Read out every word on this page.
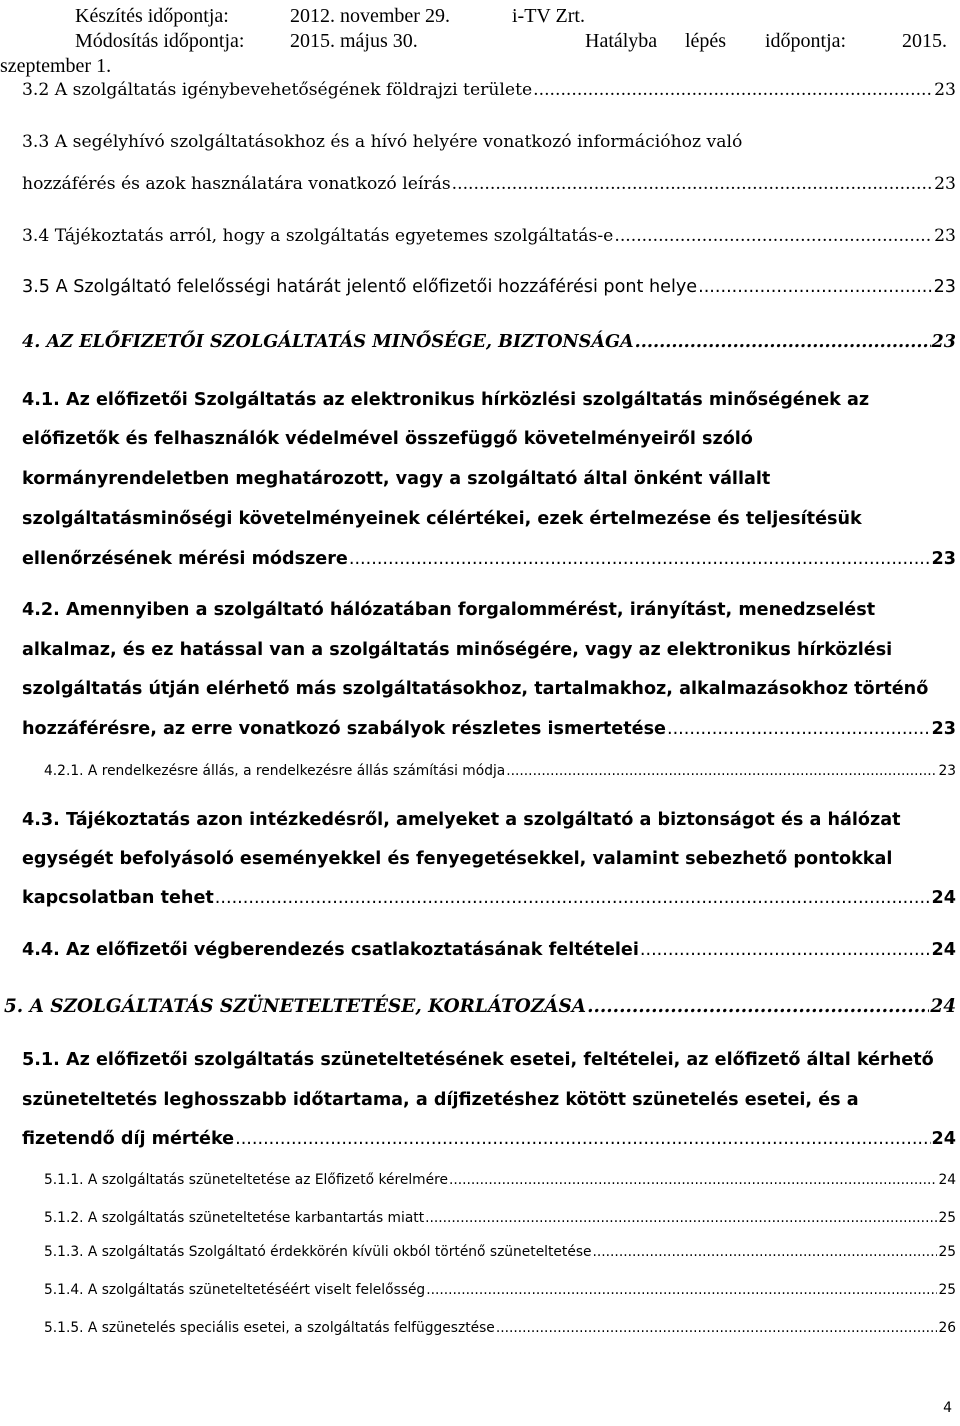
Készítés időpontja:	2012. november 29.	i-TV Zrt.
Módosítás időpontja: 2015. május 30.	Hatályba lépés időpontja:	2015.
szeptember 1.
3.2 A szolgáltatás igénybevehetőségének földrajzi területe .....	23
3.3 A segélyhívó szolgáltatásokhoz és a hívó helyére vonatkozó információhoz való
hozzáférés és azok használatára vonatkozó leírás .....	23
3.4 Tájékoztatás arról, hogy a szolgáltatás egyetemes szolgáltatás-e .....	23
3.5 A Szolgáltató felelősségi határát jelentő előfizetői hozzáférési pont helye .....	23
4. AZ ELŐFIZETŐI SZOLGÁLTATÁS MINŐSÉGE, BIZTONSÁGA .....	23
4.1. Az előfizetői Szolgáltatás az elektronikus hírközlési szolgáltatás minőségének az
előfizetők és felhasználók védelmével összefüggő követelményeiről szóló
kormányrendeletben meghatározott, vagy a szolgáltató által önként vállalt
szolgáltatásminőségi követelményeinek célértékei, ezek értelmezése és teljesítésük
ellenőrzésének mérési módszere .....	23
4.2. Amennyiben a szolgáltató hálózatában forgalommérést, irányítást, menedzselést
alkalmaz, és ez hatással van a szolgáltatás minőségére, vagy az elektronikus hírközlési
szolgáltatás útján elérhető más szolgáltatásokhoz, tartalmakhoz, alkalmazásokhoz történő
hozzáférésre, az erre vonatkozó szabályok részletes ismertetése .....	23
4.2.1. A rendelkezésre állás, a rendelkezésre állás számítási módja .....	23
4.3. Tájékoztatás azon intézkedésről, amelyeket a szolgáltató a biztonságot és a hálózat
egységét befolyásoló eseményekkel és fenyegetésekkel, valamint sebezhető pontokkal
kapcsolatban tehet .....	24
4.4. Az előfizetői végberendezés csatlakoztatásának feltételei .....	24
5. A SZOLGÁLTATÁS SZÜNETELTETÉSE, KORLÁTOZÁSA .....	24
5.1. Az előfizetői szolgáltatás szüneteltetésének esetei, feltételei, az előfizető által kérhető
szüneteltetés leghosszabb időtartama, a díjfizetéshez kötött szünetelés esetei, és a
fizetendő díj mértéke .....	24
5.1.1. A szolgáltatás szüneteltetése az Előfizető kérelmére .....	24
5.1.2. A szolgáltatás szüneteltetése karbantartás miatt .....	25
5.1.3. A szolgáltatás Szolgáltató érdekkörén kívüli okból történő szüneteltetése .....	25
5.1.4. A szolgáltatás szüneteltetéséért viselt felelősség .....	25
5.1.5. A szünetelés speciális esetei, a szolgáltatás felfüggesztése .....	26
4
